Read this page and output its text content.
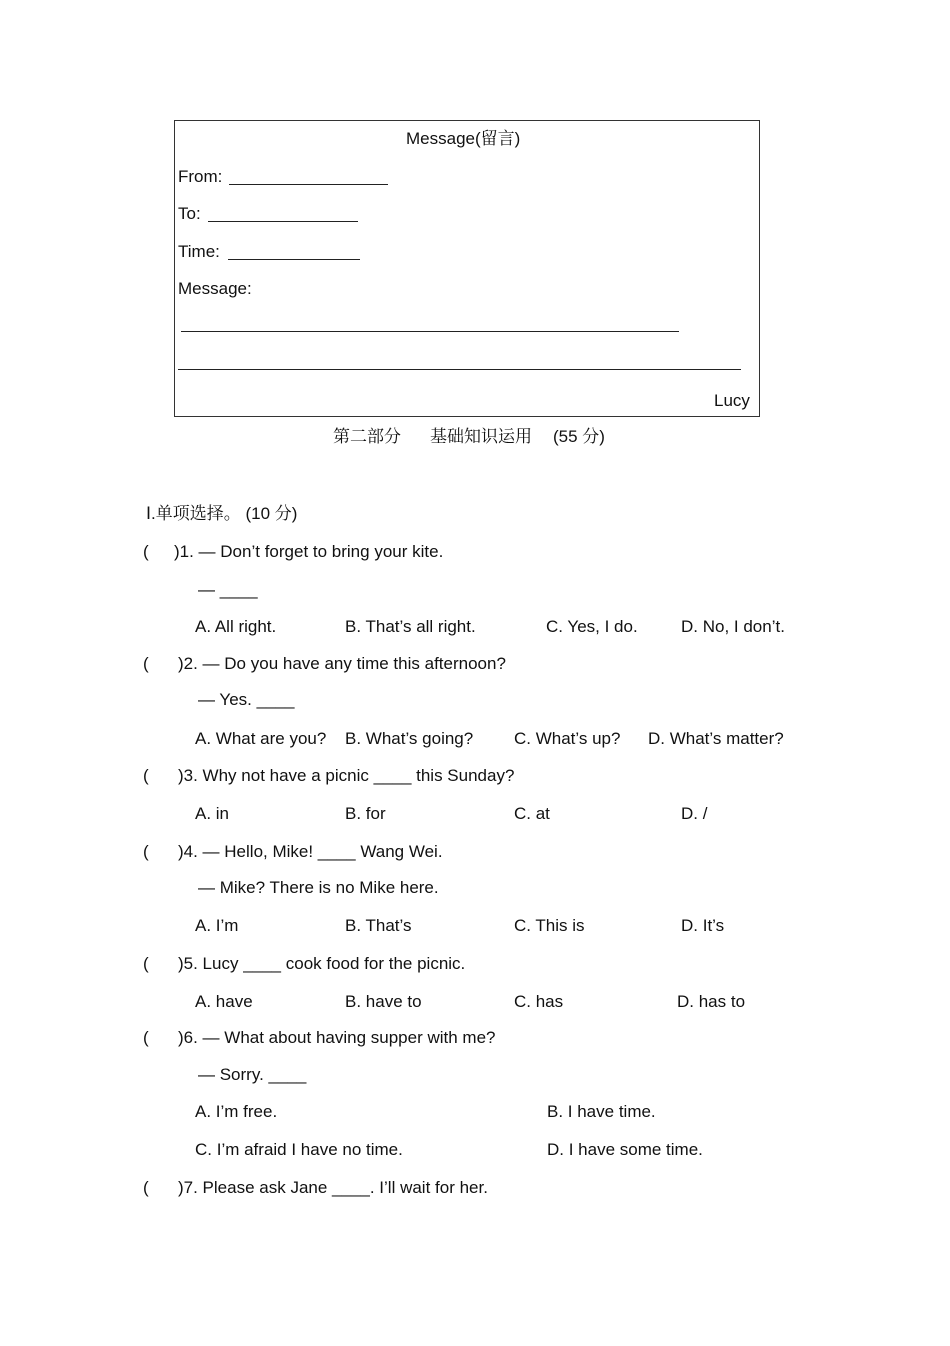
Message(留言)
From:
To:
Time:
Message:
Lucy
第二部分 基础知识运用 (55 分)
Ⅰ.单项选择。 (10 分)
( )1. — Don’t forget to bring your kite.
— ____
A. All right.	B. That’s all right.	C. Yes, I do.	D. No, I don’t.
( )2. — Do you have any time this afternoon?
— Yes. ____
A. What are you? B. What’s going? C. What’s up? D. What’s matter?
( )3. Why not have a picnic ____ this Sunday?
A. in	B. for	C. at	D. /
( )4. — Hello, Mike! ____ Wang Wei.
— Mike? There is no Mike here.
A. I’m	B. That’s	C. This is	D. It’s
( )5. Lucy ____ cook food for the picnic.
A. have	B. have to	C. has	D. has to
( )6. — What about having supper with me?
— Sorry. ____
A. I’m free.	B. I have time.
C. I’m afraid I have no time.	D. I have some time.
( )7. Please ask Jane ____. I’ll wait for her.
